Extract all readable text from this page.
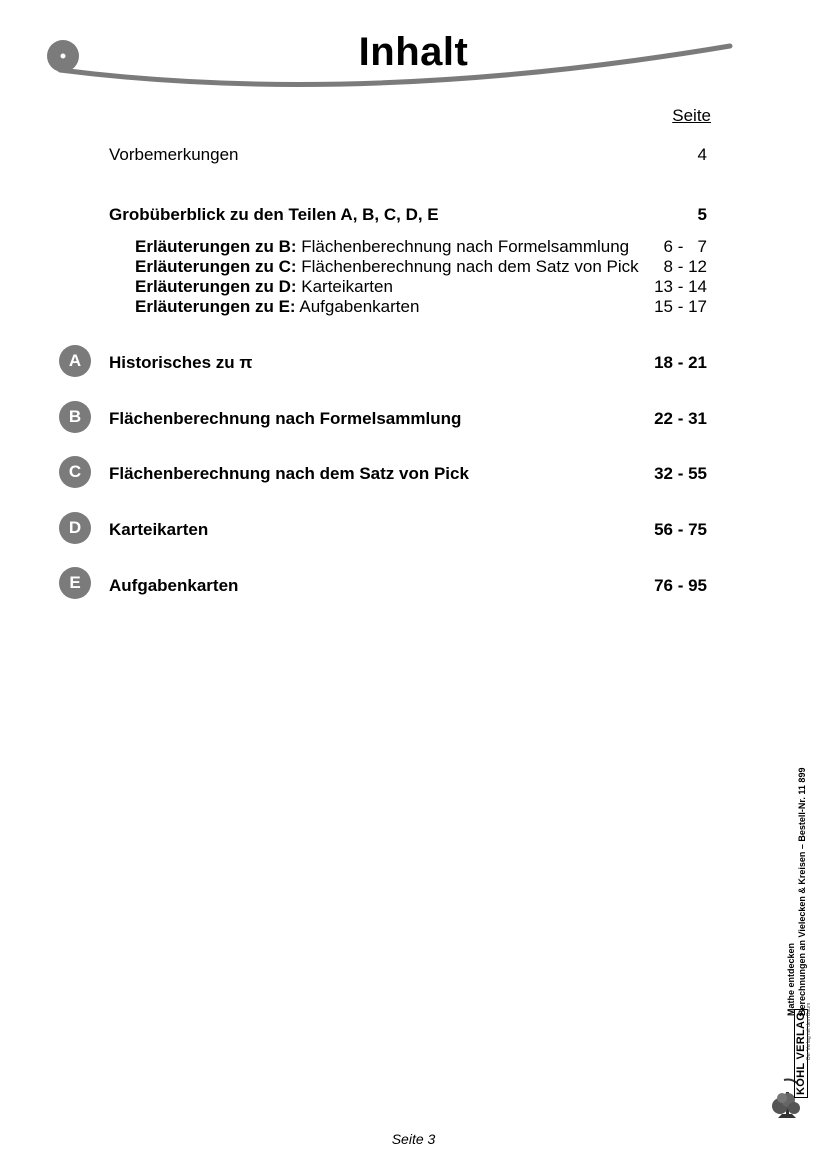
Inhalt
Seite
Vorbemerkungen	4
Grobüberblick zu den Teilen A, B, C, D, E	5
Erläuterungen zu B: Flächenberechnung nach Formelsammlung 6 -   7
Erläuterungen zu C: Flächenberechnung nach dem Satz von Pick 8 - 12
Erläuterungen zu D: Karteikarten	13 - 14
Erläuterungen zu E: Aufgabenkarten	15 - 17
A	Historisches zu π	18 - 21
B	Flächenberechnung nach Formelsammlung	22 - 31
C	Flächenberechnung nach dem Satz von Pick	32 - 55
D	Karteikarten	56 - 75
E	Aufgabenkarten	76 - 95
Mathe entdecken Berechnungen an Vielecken & Kreisen – Bestell-Nr. 11 899
KOHL VERLAG Der Verlag mit dem Baum
Seite 3
